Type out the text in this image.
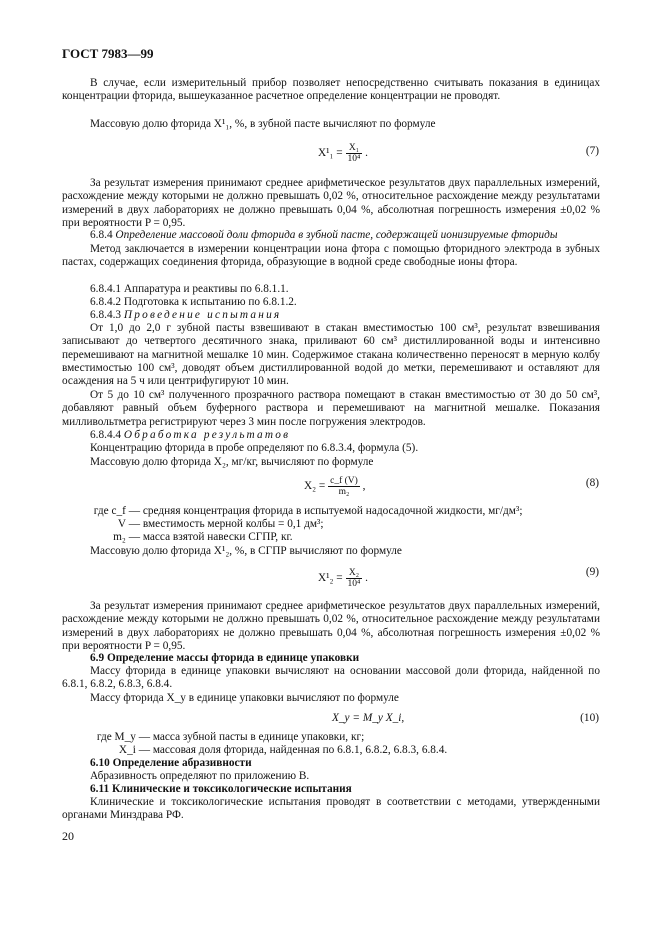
ГОСТ 7983—99

В случае, если измерительный прибор позволяет непосредственно считывать показания в единицах концентрации фторида, вышеуказанное расчетное определение концентрации не проводят.

Массовую долю фторида X¹₁, %, в зубной пасте вычисляют по формуле

$X^1_1 = \frac{\text{X₁}}{\text{10⁴}}$ .	(7)

За результат измерения принимают среднее арифметическое результатов двух параллельных измерений, расхождение между которыми не должно превышать 0,02 %, относительное расхождение между результатами измерений в двух лабораториях не должно превышать 0,04 %, абсолютная погрешность измерения ±0,02 % при вероятности P = 0,95.

6.8.4 Определение массовой доли фторида в зубной пасте, содержащей ионизируемые фториды

Метод заключается в измерении концентрации иона фтора с помощью фторидного электрода в зубных пастах, содержащих соединения фторида, образующие в водной среде свободные ионы фтора.

6.8.4.1 Аппаратура и реактивы по 6.8.1.1.

6.8.4.2 Подготовка к испытанию по 6.8.1.2.

6.8.4.3 Проведение испытания

От 1,0 до 2,0 г зубной пасты взвешивают в стакан вместимостью 100 см³, результат взвешивания записывают до четвертого десятичного знака, приливают 60 см³ дистиллированной воды и интенсивно перемешивают на магнитной мешалке 10 мин. Содержимое стакана количественно переносят в мерную колбу вместимостью 100 см³, доводят объем дистиллированной водой до метки, перемешивают и оставляют для осаждения на 5 ч или центрифугируют 10 мин.

От 5 до 10 см³ полученного прозрачного раствора помещают в стакан вместимостью от 30 до 50 см³, добавляют равный объем буферного раствора и перемешивают на магнитной мешалке. Показания милливольтметра регистрируют через 3 мин после погружения электродов.

6.8.4.4 Обработка результатов

Концентрацию фторида в пробе определяют по 6.8.3.4, формула (5).

Массовую долю фторида X₂, мг/кг, вычисляют по формуле

$X_2 = \frac{c\_f (V)}{\text{m₂}}$ ,	(8)
где c_f — средняя концентрация фторида в испытуемой надосадочной жидкости, мг/дм³;
V — вместимость мерной колбы = 0,1 дм³;
m₂ — масса взятой навески СГПР, кг.

Массовую долю фторида X¹₂, %, в СГПР вычисляют по формуле

$X^1_2 = \frac{\text{X₂}}{\text{10⁴}}$ .
(9)

За результат измерения принимают среднее арифметическое результатов двух параллельных измерений, расхождение между которыми не должно превышать 0,02 %, относительное расхождение между результатами измерений в двух лабораториях не должно превышать 0,04 %, абсолютная погрешность измерения ±0,02 % при вероятности P = 0,95.

6.9 Определение массы фторида в единице упаковки

Массу фторида в единице упаковки вычисляют на основании массовой доли фторида, найденной по 6.8.1, 6.8.2, 6.8.3, 6.8.4.

Массу фторида X_y в единице упаковки вычисляют по формуле

X_y = M_y X_i,	(10)
где M_y — масса зубной пасты в единице упаковки, кг;
X_i — массовая доля фторида, найденная по 6.8.1, 6.8.2, 6.8.3, 6.8.4.

6.10 Определение абразивности

Абразивность определяют по приложению В.

6.11 Клинические и токсикологические испытания

Клинические и токсикологические испытания проводят в соответствии с методами, утвержденными органами Минздрава РФ.

20
